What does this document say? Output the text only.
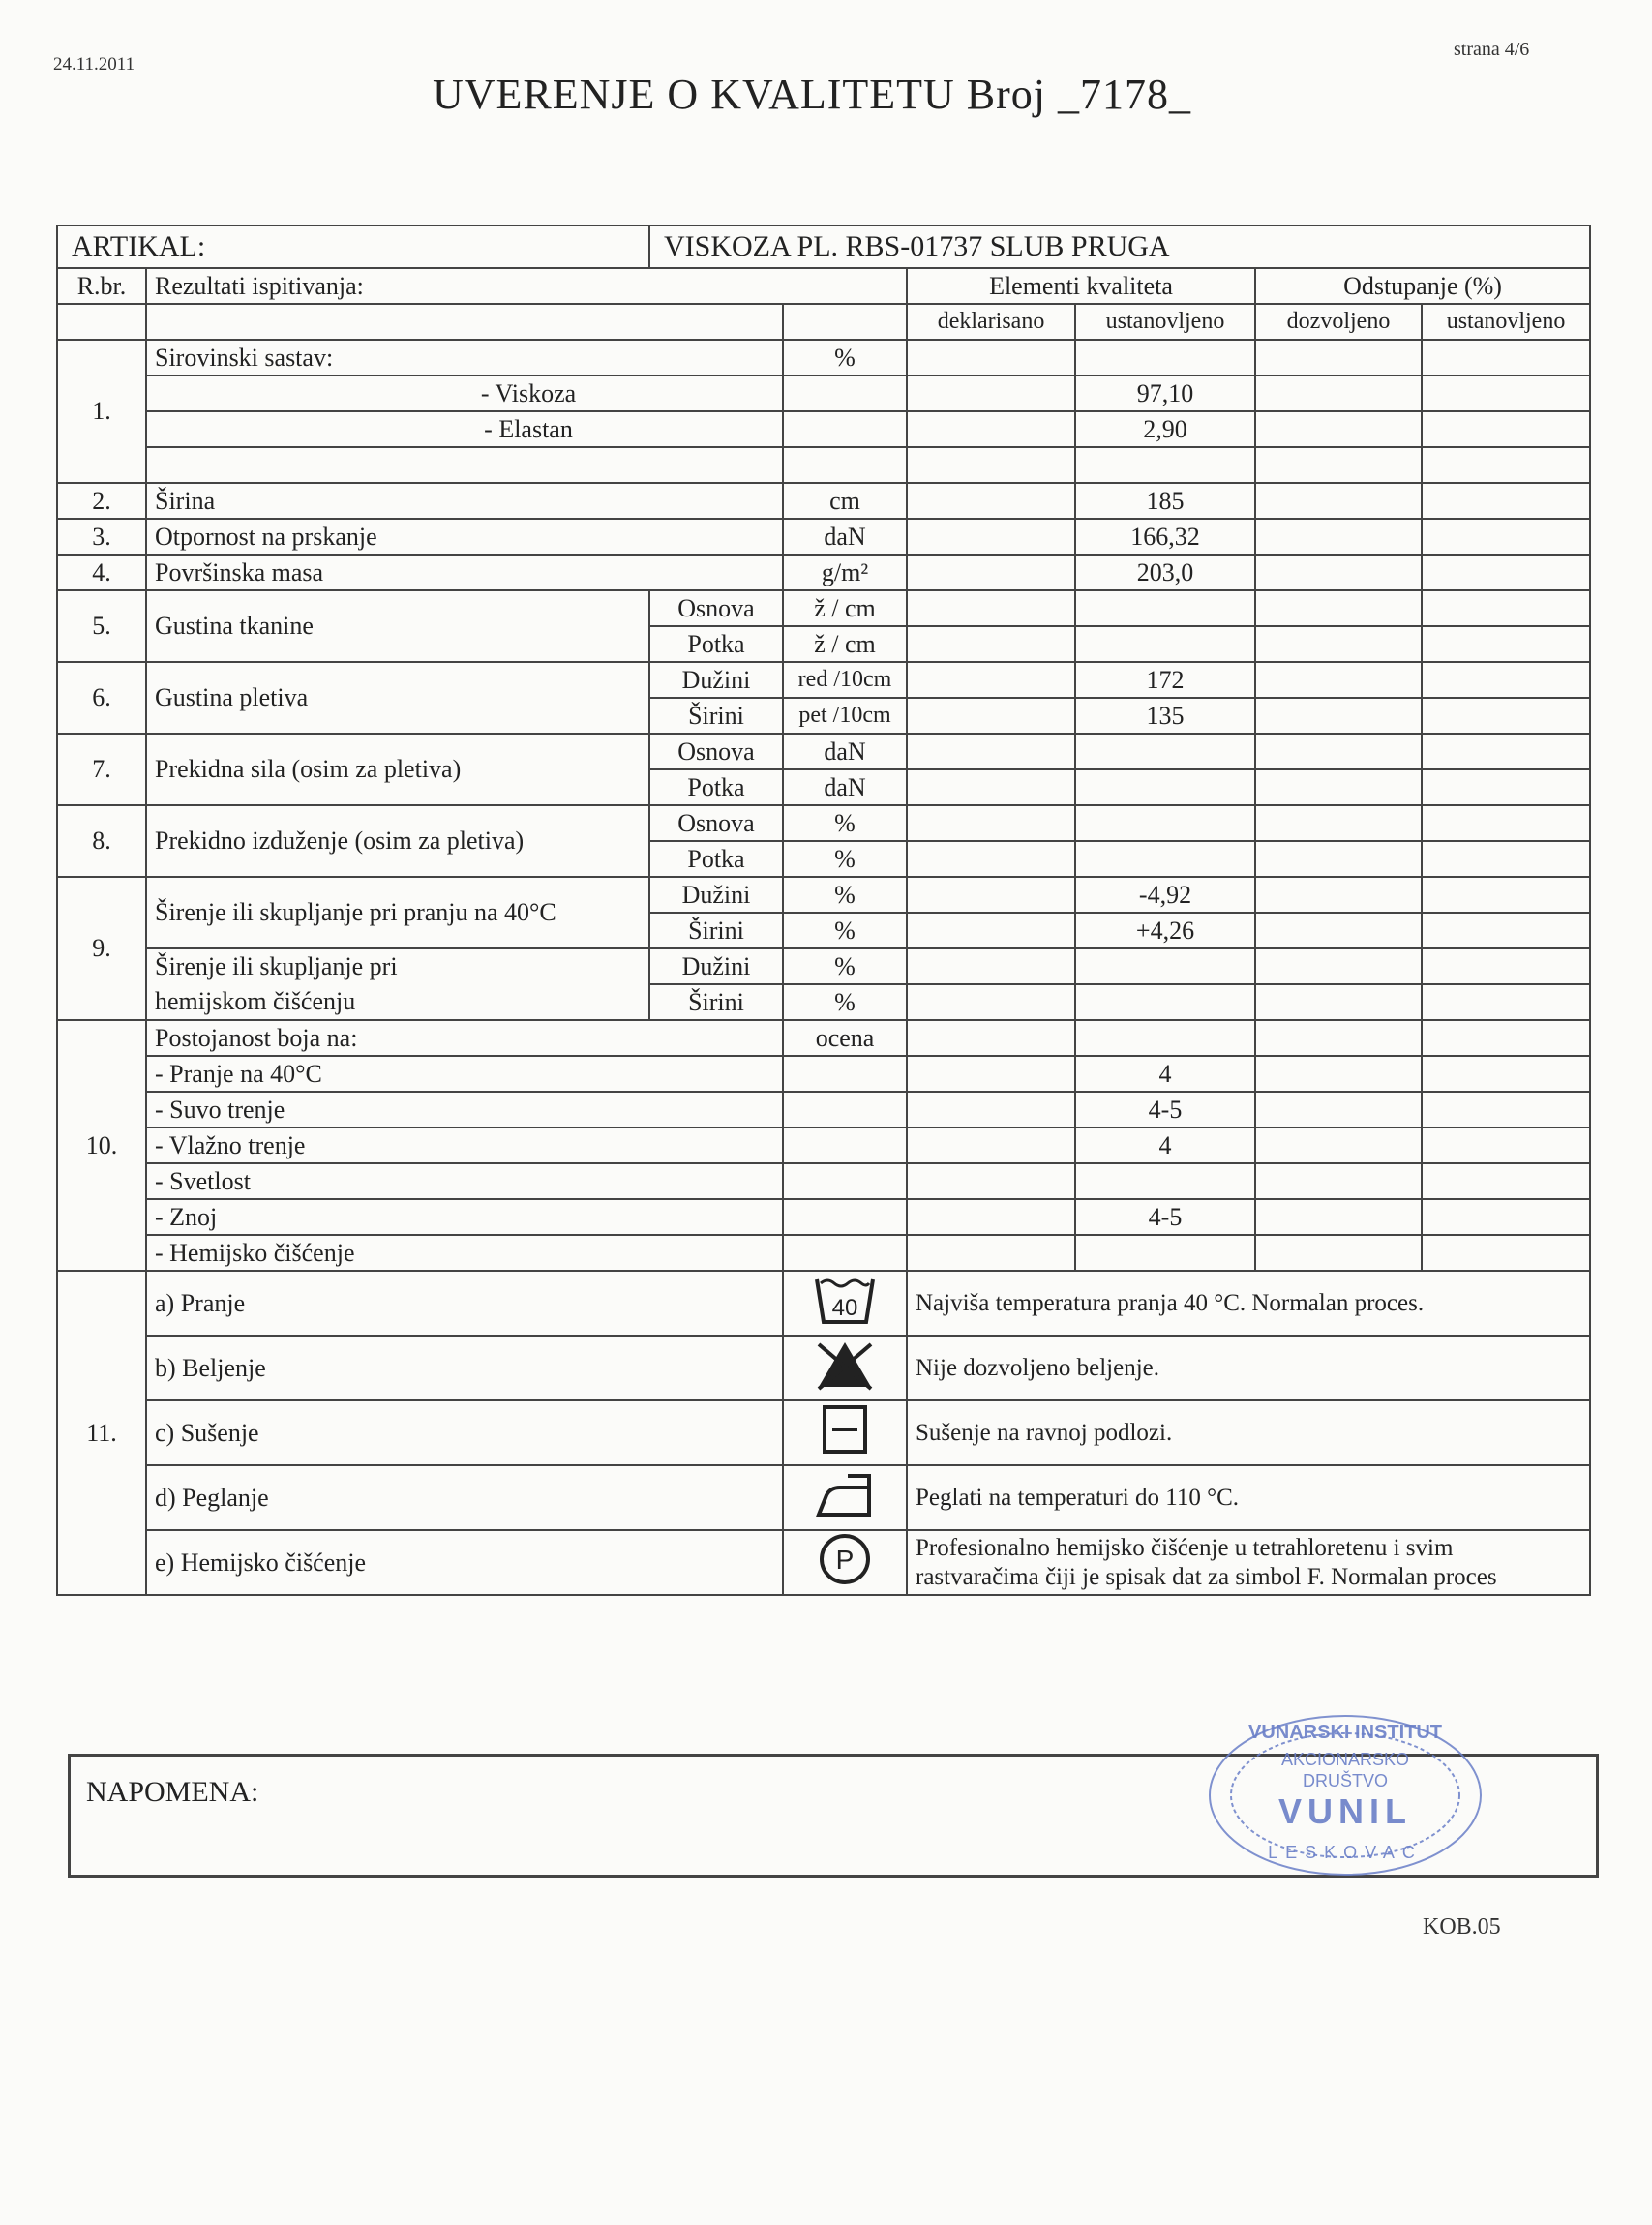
24.11.2011
strana 4/6
UVERENJE O KVALITETU Broj _7178_
ARTIKAL:		VISKOZA PL. RBS-01737 SLUB PRUGA					
R.br.	Rezultati ispitivanja:			Elementi kvaliteta		Odstupanje (%)	
				deklarisano	ustanovljeno	dozvoljeno	ustanovljeno
1.	Sirovinski sastav:		%				
	- Viskoza				97,10		
	- Elastan				2,90		

2.	Širina		cm		185		
3.	Otpornost na prskanje		daN		166,32		
4.	Površinska masa		g/m²		203,0		
5.	Gustina tkanine	Osnova	ž / cm				
		Potka	ž / cm				
6.	Gustina pletiva	Dužini	red /10cm		172		
		Širini	pet /10cm		135		
7.	Prekidna sila (osim za pletiva)	Osnova	daN				
		Potka	daN				
8.	Prekidno izduženje (osim za pletiva)	Osnova	%				
		Potka	%				
9.	Širenje ili skupljanje pri pranju na 40°C	Dužini	%		-4,92		
		Širini	%		+4,26		
	Širenje ili skupljanje pri	Dužini	%				
	hemijskom čišćenju	Širini	%				
10.	Postojanost boja na:		ocena				
	- Pranje na 40°C				4		
	- Suvo trenje				4-5		
	- Vlažno trenje				4		
	- Svetlost						
	- Znoj				4-5		
	- Hemijsko čišćenje						
11.	a) Pranje		40	Najviša temperatura pranja 40 °C. Normalan proces.			
	b) Beljenje			Nije dozvoljeno beljenje.			
	c) Sušenje			Sušenje na ravnoj podlozi.			
	d) Peglanje			Peglati na temperaturi do 110 °C.			
	e) Hemijsko čišćenje		P	Profesionalno hemijsko čišćenje u tetrahloretenu i svim rastvaračima čiji je spisak dat za simbol F. Normalan proces			
NAPOMENA:
VUNARSKI INSTITUT
AKCIONARSKO
DRUŠTVO
VUNIL
LESKOVAC
KOB.05
